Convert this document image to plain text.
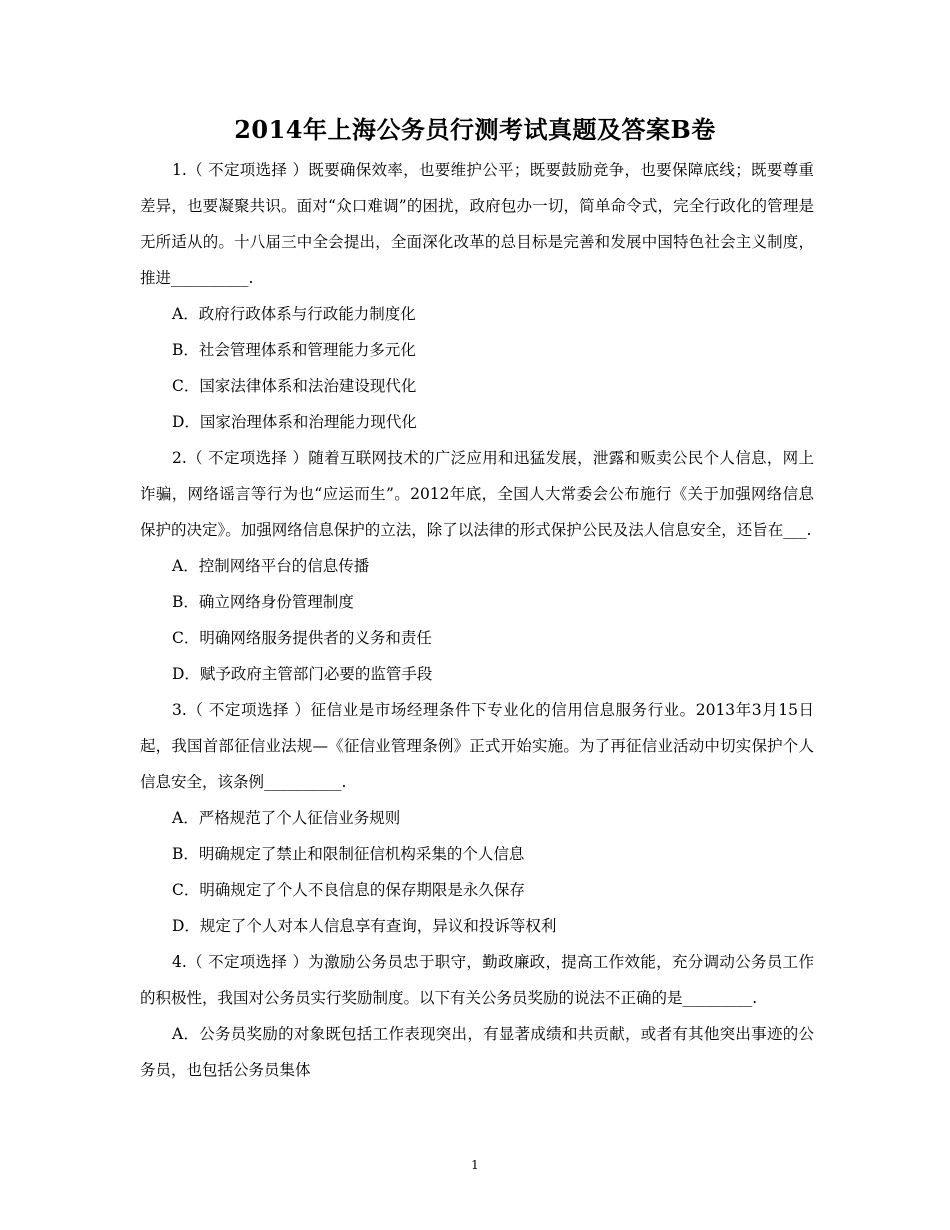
2014年上海公务员行测考试真题及答案B卷

1.（ 不定项选择 ）既要确保效率，也要维护公平；既要鼓励竞争，也要保障底线；既要尊重差异，也要凝聚共识。面对“众口难调”的困扰，政府包办一切，简单命令式，完全行政化的管理是无所适从的。十八届三中全会提出，全面深化改革的总目标是完善和发展中国特色社会主义制度，推进__________.

A．政府行政体系与行政能力制度化

B．社会管理体系和管理能力多元化

C．国家法律体系和法治建设现代化

D．国家治理体系和治理能力现代化

2.（ 不定项选择 ）随着互联网技术的广泛应用和迅猛发展，泄露和贩卖公民个人信息，网上诈骗，网络谣言等行为也“应运而生”。2012年底，全国人大常委会公布施行《关于加强网络信息保护的决定》。加强网络信息保护的立法，除了以法律的形式保护公民及法人信息安全，还旨在___.

A．控制网络平台的信息传播

B．确立网络身份管理制度

C．明确网络服务提供者的义务和责任

D．赋予政府主管部门必要的监管手段

3.（ 不定项选择 ）征信业是市场经理条件下专业化的信用信息服务行业。2013年3月15日起，我国首部征信业法规—《征信业管理条例》正式开始实施。为了再征信业活动中切实保护个人信息安全，该条例__________.

A．严格规范了个人征信业务规则

B．明确规定了禁止和限制征信机构采集的个人信息

C．明确规定了个人不良信息的保存期限是永久保存

D．规定了个人对本人信息享有查询，异议和投诉等权利

4.（ 不定项选择 ）为激励公务员忠于职守，勤政廉政，提高工作效能，充分调动公务员工作的积极性，我国对公务员实行奖励制度。以下有关公务员奖励的说法不正确的是_________.

A．公务员奖励的对象既包括工作表现突出，有显著成绩和共贡献，或者有其他突出事迹的公务员，也包括公务员集体

1
